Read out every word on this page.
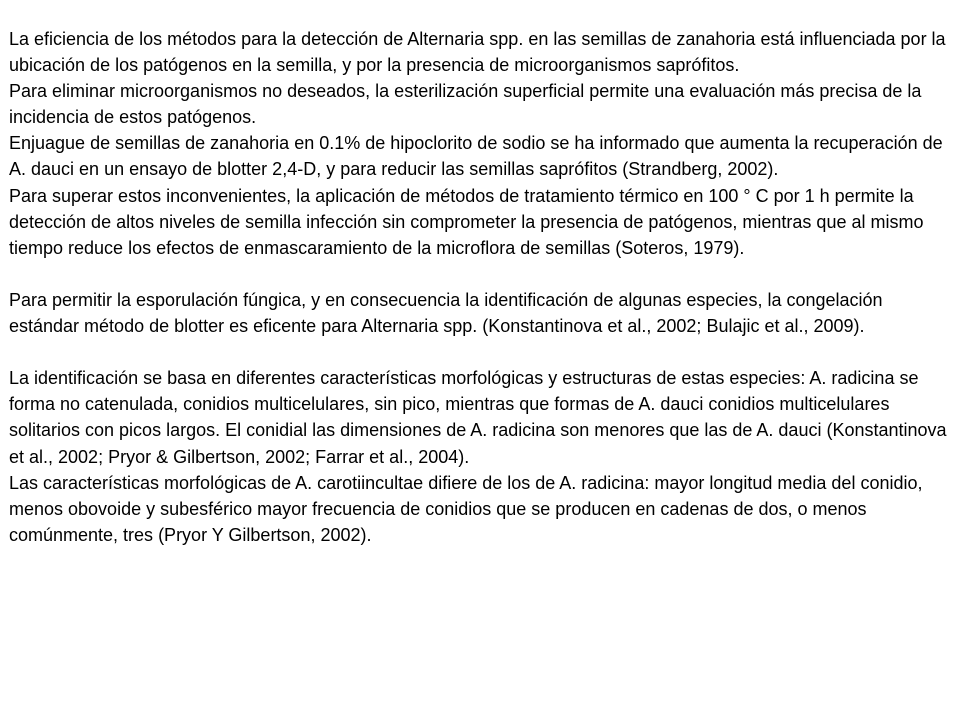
La eficiencia de los métodos para la detección de Alternaria spp. en las semillas de zanahoria está influenciada por la ubicación de los patógenos en la semilla, y por la presencia de microorganismos saprófitos.

Para eliminar microorganismos no deseados, la esterilización superficial permite una evaluación más precisa de la incidencia de estos patógenos.

Enjuague de semillas de zanahoria en 0.1% de hipoclorito de sodio se ha informado que aumenta la recuperación de A. dauci en un ensayo de blotter 2,4-D, y para reducir las semillas saprófitos (Strandberg, 2002).

Para superar estos inconvenientes, la aplicación de métodos de tratamiento térmico en 100 ° C por 1 h permite la detección de altos niveles de semilla infección sin comprometer la presencia de patógenos, mientras que al mismo tiempo reduce los efectos de enmascaramiento de la microflora de semillas (Soteros, 1979).

Para permitir la esporulación fúngica, y en consecuencia la identificación de algunas especies, la congelación estándar método de blotter es eficente para Alternaria spp. (Konstantinova et al., 2002; Bulajic et al., 2009).

La identificación se basa en diferentes características morfológicas y estructuras de estas especies: A. radicina se forma no catenulada, conidios multicelulares, sin pico, mientras que formas de A. dauci conidios multicelulares solitarios con picos largos. El conidial las dimensiones de A. radicina son menores que las de A. dauci (Konstantinova et al., 2002; Pryor & Gilbertson, 2002; Farrar et al., 2004).

Las características morfológicas de A. carotiincultae difiere de los de A. radicina: mayor longitud media del conidio, menos obovoide y subesférico mayor frecuencia de conidios que se producen en cadenas de dos, o menos comúnmente, tres (Pryor Y Gilbertson, 2002).
